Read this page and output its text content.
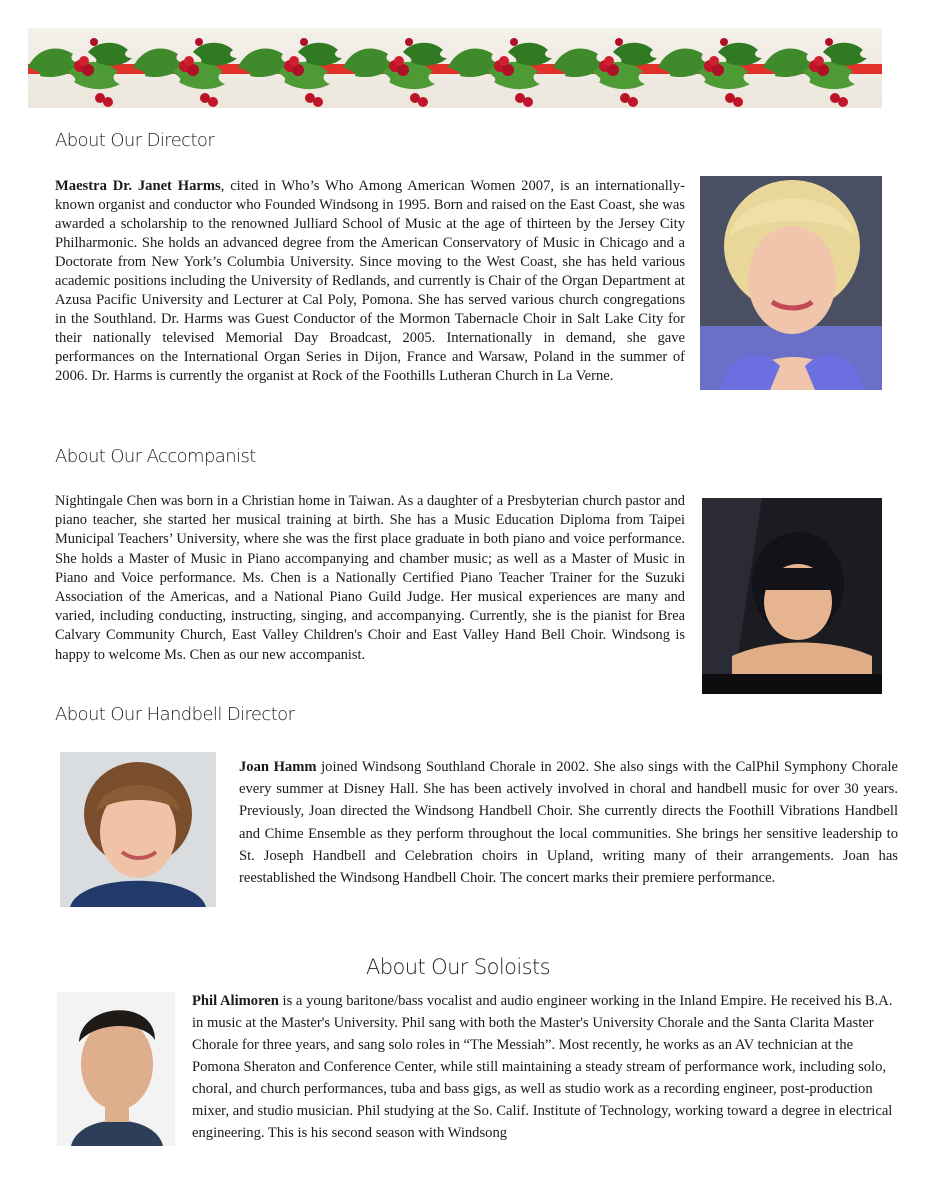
About Our Director
Maestra Dr. Janet Harms, cited in Who’s Who Among American Women 2007, is an internationally-known organist and conductor who Founded Windsong in 1995. Born and raised on the East Coast, she was awarded a scholarship to the renowned Julliard School of Music at the age of thirteen by the Jersey City Philharmonic. She holds an advanced degree from the American Conservatory of Music in Chicago and a Doctorate from New York’s Columbia University. Since moving to the West Coast, she has held various academic positions including the University of Redlands, and currently is Chair of the Organ Department at Azusa Pacific University and Lecturer at Cal Poly, Pomona. She has served various church congregations in the Southland. Dr. Harms was Guest Conductor of the Mormon Tabernacle Choir in Salt Lake City for their nationally televised Memorial Day Broadcast, 2005. Internationally in demand, she gave performances on the International Organ Series in Dijon, France and Warsaw, Poland in the summer of 2006. Dr. Harms is currently the organist at Rock of the Foothills Lutheran Church in La Verne.
About Our Accompanist
Nightingale Chen was born in a Christian home in Taiwan. As a daughter of a Presbyterian church pastor and piano teacher, she started her musical training at birth. She has a Music Education Diploma from Taipei Municipal Teachers’ University, where she was the first place graduate in both piano and voice performance. She holds a Master of Music in Piano accompanying and chamber music; as well as a Master of Music in Piano and Voice performance. Ms. Chen is a Nationally Certified Piano Teacher Trainer for the Suzuki Association of the Americas, and a National Piano Guild Judge. Her musical experiences are many and varied, including conducting, instructing, singing, and accompanying. Currently, she is the pianist for Brea Calvary Community Church, East Valley Children's Choir and East Valley Hand Bell Choir. Windsong is happy to welcome Ms. Chen as our new accompanist.
About Our Handbell Director
Joan Hamm joined Windsong Southland Chorale in 2002. She also sings with the CalPhil Symphony Chorale every summer at Disney Hall. She has been actively involved in choral and handbell music for over 30 years. Previously, Joan directed the Windsong Handbell Choir. She currently directs the Foothill Vibrations Handbell and Chime Ensemble as they perform throughout the local communities. She brings her sensitive leadership to St. Joseph Handbell and Celebration choirs in Upland, writing many of their arrangements. Joan has reestablished the Windsong Handbell Choir. The concert marks their premiere performance.
About Our Soloists
Phil Alimoren is a young baritone/bass vocalist and audio engineer working in the Inland Empire. He received his B.A. in music at the Master's University. Phil sang with both the Master's University Chorale and the Santa Clarita Master Chorale for three years, and sang solo roles in “The Messiah”. Most recently, he works as an AV technician at the Pomona Sheraton and Conference Center, while still maintaining a steady stream of performance work, including solo, choral, and church performances, tuba and bass gigs, as well as studio work as a recording engineer, post-production mixer, and studio musician. Phil studying at the So. Calif. Institute of Technology, working toward a degree in electrical engineering. This is his second season with Windsong
